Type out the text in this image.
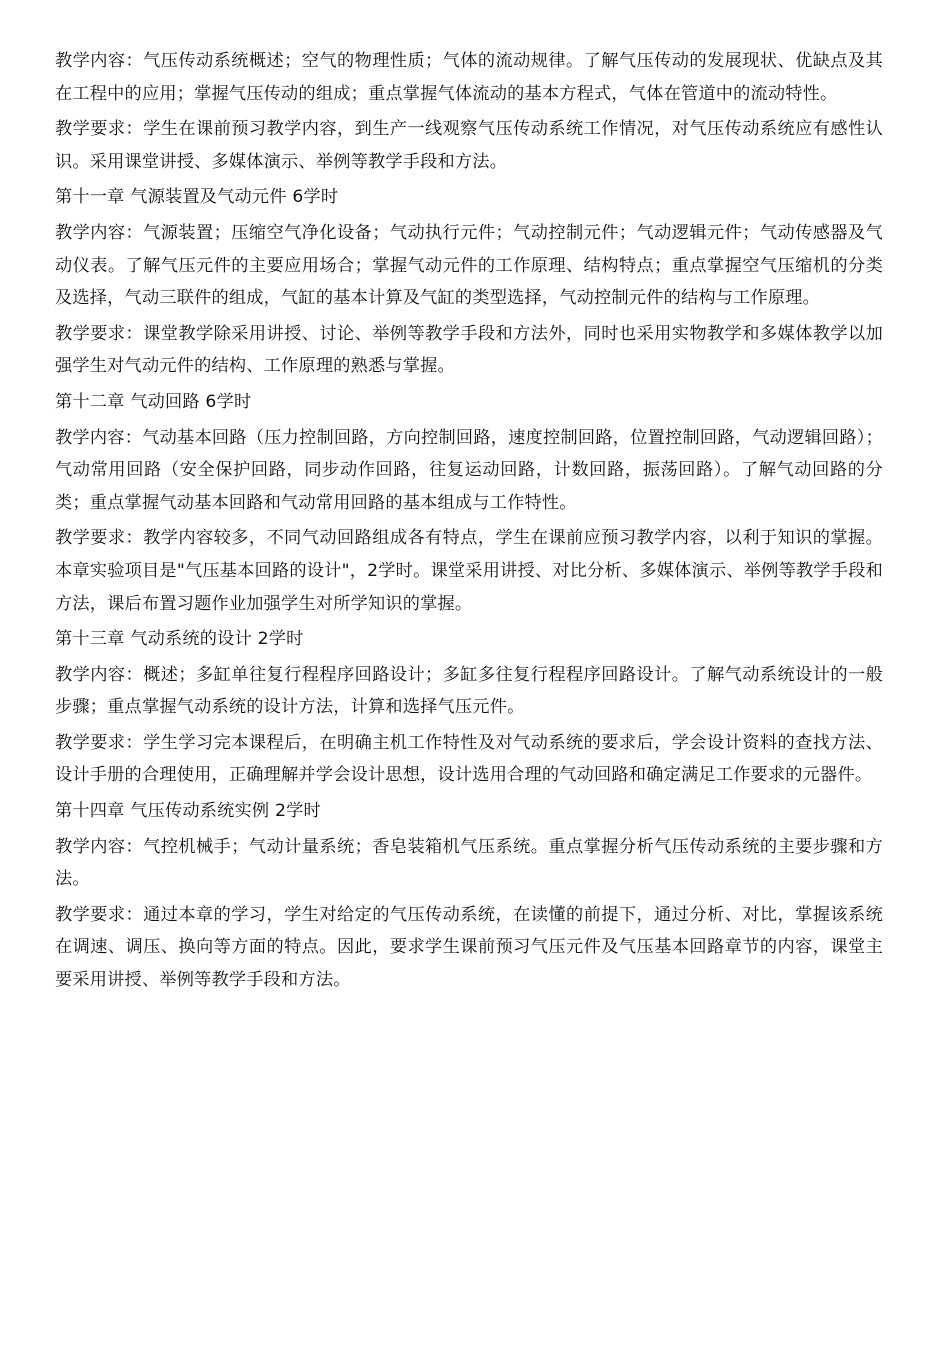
教学内容：气压传动系统概述；空气的物理性质；气体的流动规律。了解气压传动的发展现状、优缺点及其在工程中的应用；掌握气压传动的组成；重点掌握气体流动的基本方程式，气体在管道中的流动特性。

教学要求：学生在课前预习教学内容，到生产一线观察气压传动系统工作情况，对气压传动系统应有感性认识。采用课堂讲授、多媒体演示、举例等教学手段和方法。

第十一章 气源装置及气动元件 6学时

教学内容：气源装置；压缩空气净化设备；气动执行元件；气动控制元件；气动逻辑元件；气动传感器及气动仪表。了解气压元件的主要应用场合；掌握气动元件的工作原理、结构特点；重点掌握空气压缩机的分类及选择，气动三联件的组成，气缸的基本计算及气缸的类型选择，气动控制元件的结构与工作原理。

教学要求：课堂教学除采用讲授、讨论、举例等教学手段和方法外，同时也采用实物教学和多媒体教学以加强学生对气动元件的结构、工作原理的熟悉与掌握。

第十二章 气动回路 6学时

教学内容：气动基本回路（压力控制回路，方向控制回路，速度控制回路，位置控制回路，气动逻辑回路）；气动常用回路（安全保护回路，同步动作回路，往复运动回路，计数回路，振荡回路）。了解气动回路的分类；重点掌握气动基本回路和气动常用回路的基本组成与工作特性。

教学要求：教学内容较多，不同气动回路组成各有特点，学生在课前应预习教学内容，以利于知识的掌握。本章实验项目是"气压基本回路的设计"，2学时。课堂采用讲授、对比分析、多媒体演示、举例等教学手段和方法，课后布置习题作业加强学生对所学知识的掌握。

第十三章 气动系统的设计 2学时

教学内容：概述；多缸单往复行程程序回路设计；多缸多往复行程程序回路设计。了解气动系统设计的一般步骤；重点掌握气动系统的设计方法，计算和选择气压元件。

教学要求：学生学习完本课程后，在明确主机工作特性及对气动系统的要求后，学会设计资料的查找方法、设计手册的合理使用，正确理解并学会设计思想，设计选用合理的气动回路和确定满足工作要求的元器件。

第十四章 气压传动系统实例 2学时

教学内容：气控机械手；气动计量系统；香皂装箱机气压系统。重点掌握分析气压传动系统的主要步骤和方法。

教学要求：通过本章的学习，学生对给定的气压传动系统，在读懂的前提下，通过分析、对比，掌握该系统在调速、调压、换向等方面的特点。因此，要求学生课前预习气压元件及气压基本回路章节的内容，课堂主要采用讲授、举例等教学手段和方法。
